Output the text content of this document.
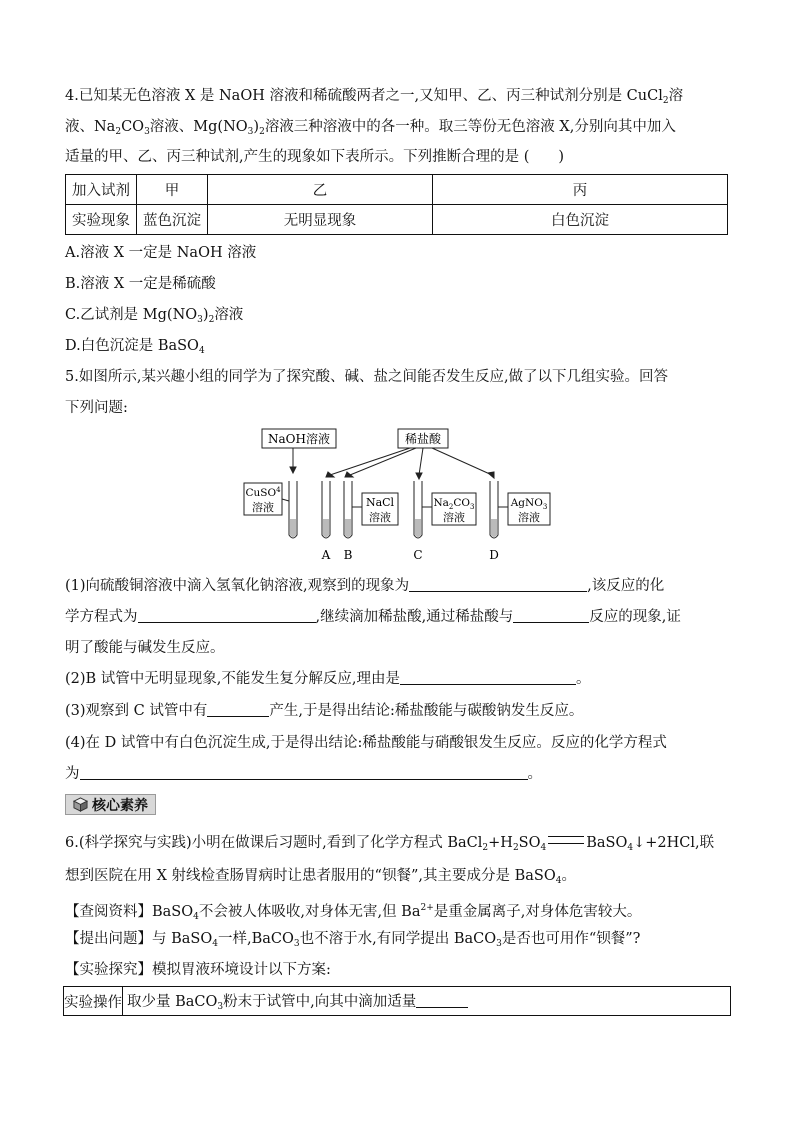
4.已知某无色溶液 X 是 NaOH 溶液和稀硫酸两者之一,又知甲、乙、丙三种试剂分别是 CuCl$_2$溶
液、$Na_2CO_3$溶液、$Mg(NO_3)_2$溶液三种溶液中的各一种。取三等份无色溶液 X,分别向其中加入
适量的甲、乙、丙三种试剂,产生的现象如下表所示。下列推断合理的是 (　　)
加入试剂	甲	乙	丙
实验现象	蓝色沉淀	无明显现象	白色沉淀
A.溶液 X 一定是 NaOH 溶液
B.溶液 X 一定是稀硫酸
C.乙试剂是 $Mg(NO_3)_2$溶液
D.白色沉淀是 BaSO$_4$
5.如图所示,某兴趣小组的同学为了探究酸、碱、盐之间能否发生反应,做了以下几组实验。回答
下列问题:
NaOH溶液	稀盐酸
CuSO$^4$
溶液	NaCl
溶液
$Na_2CO_3$
溶液
AgNO$_3$
溶液
A B	C	D
(1)向硫酸铜溶液中滴入氢氧化钠溶液,观察到的现象为	,该反应的化
学方程式为	,继续滴加稀盐酸,通过稀盐酸与	反应的现象,证
明了酸能与碱发生反应。
(2)B 试管中无明显现象,不能发生复分解反应,理由是	。
(3)观察到 C 试管中有	产生,于是得出结论:稀盐酸能与碳酸钠发生反应。
(4)在 D 试管中有白色沉淀生成,于是得出结论:稀盐酸能与硝酸银发生反应。反应的化学方程式
为	。
核心素养
6.(科学探究与实践)小明在做课后习题时,看到了化学方程式 $BaCl_2+H_2SO_4$	BaSO$_4$↓+2HCl,联
想到医院在用 X 射线检查肠胃病时让患者服用的“钡餐”,其主要成分是 BaSO$_4$。
【查阅资料】BaSO$_4$不会被人体吸收,对身体无害,但 $Ba^{2+}$是重金属离子,对身体危害较大。
【提出问题】与 BaSO$_4$一样,BaCO$_3$也不溶于水,有同学提出 BaCO$_3$是否也可用作“钡餐”?
【实验探究】模拟胃液环境设计以下方案:
实验操作	取少量 BaCO$_3$粉末于试管中,向其中滴加适量
